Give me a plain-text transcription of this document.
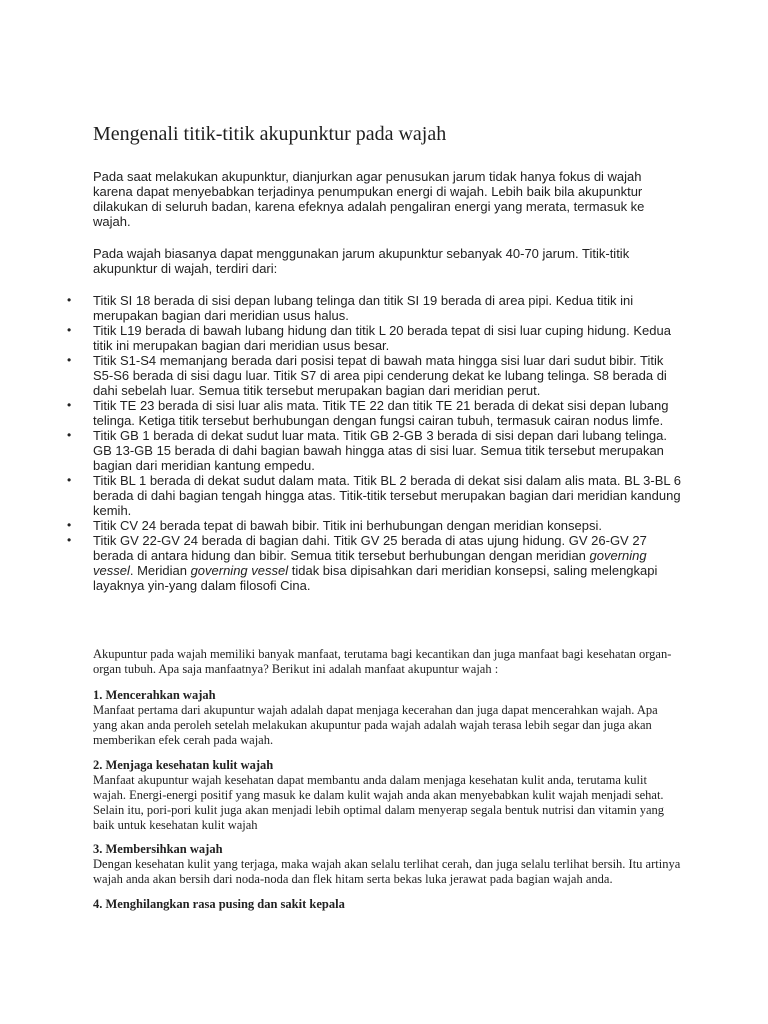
Mengenali titik-titik akupunktur pada wajah

Pada saat melakukan akupunktur, dianjurkan agar penusukan jarum tidak hanya fokus di wajah karena dapat menyebabkan terjadinya penumpukan energi di wajah. Lebih baik bila akupunktur dilakukan di seluruh badan, karena efeknya adalah pengaliran energi yang merata, termasuk ke wajah.

Pada wajah biasanya dapat menggunakan jarum akupunktur sebanyak 40-70 jarum. Titik-titik akupunktur di wajah, terdiri dari:

• Titik SI 18 berada di sisi depan lubang telinga dan titik SI 19 berada di area pipi. Kedua titik ini merupakan bagian dari meridian usus halus.
• Titik L19 berada di bawah lubang hidung dan titik L 20 berada tepat di sisi luar cuping hidung. Kedua titik ini merupakan bagian dari meridian usus besar.
• Titik S1-S4 memanjang berada dari posisi tepat di bawah mata hingga sisi luar dari sudut bibir. Titik S5-S6 berada di sisi dagu luar. Titik S7 di area pipi cenderung dekat ke lubang telinga. S8 berada di dahi sebelah luar. Semua titik tersebut merupakan bagian dari meridian perut.
• Titik TE 23 berada di sisi luar alis mata. Titik TE 22 dan titik TE 21 berada di dekat sisi depan lubang telinga. Ketiga titik tersebut berhubungan dengan fungsi cairan tubuh, termasuk cairan nodus limfe.
• Titik GB 1 berada di dekat sudut luar mata. Titik GB 2-GB 3 berada di sisi depan dari lubang telinga. GB 13-GB 15 berada di dahi bagian bawah hingga atas di sisi luar. Semua titik tersebut merupakan bagian dari meridian kantung empedu.
• Titik BL 1 berada di dekat sudut dalam mata. Titik BL 2 berada di dekat sisi dalam alis mata. BL 3-BL 6 berada di dahi bagian tengah hingga atas. Titik-titik tersebut merupakan bagian dari meridian kandung kemih.
• Titik CV 24 berada tepat di bawah bibir. Titik ini berhubungan dengan meridian konsepsi.
• Titik GV 22-GV 24 berada di bagian dahi. Titik GV 25 berada di atas ujung hidung. GV 26-GV 27 berada di antara hidung dan bibir. Semua titik tersebut berhubungan dengan meridian governing vessel. Meridian governing vessel tidak bisa dipisahkan dari meridian konsepsi, saling melengkapi layaknya yin-yang dalam filosofi Cina.

Akupuntur pada wajah memiliki banyak manfaat, terutama bagi kecantikan dan juga manfaat bagi kesehatan organ-organ tubuh. Apa saja manfaatnya? Berikut ini adalah manfaat akupuntur wajah :

1. Mencerahkan wajah
Manfaat pertama dari akupuntur wajah adalah dapat menjaga kecerahan dan juga dapat mencerahkan wajah. Apa yang akan anda peroleh setelah melakukan akupuntur pada wajah adalah wajah terasa lebih segar dan juga akan memberikan efek cerah pada wajah.
2. Menjaga kesehatan kulit wajah
Manfaat akupuntur wajah kesehatan dapat membantu anda dalam menjaga kesehatan kulit anda, terutama kulit wajah. Energi-energi positif yang masuk ke dalam kulit wajah anda akan menyebabkan kulit wajah menjadi sehat. Selain itu, pori-pori kulit juga akan menjadi lebih optimal dalam menyerap segala bentuk nutrisi dan vitamin yang baik untuk kesehatan kulit wajah
3. Membersihkan wajah
Dengan kesehatan kulit yang terjaga, maka wajah akan selalu terlihat cerah, dan juga selalu terlihat bersih. Itu artinya wajah anda akan bersih dari noda-noda dan flek hitam serta bekas luka jerawat pada bagian wajah anda.
4. Menghilangkan rasa pusing dan sakit kepala
